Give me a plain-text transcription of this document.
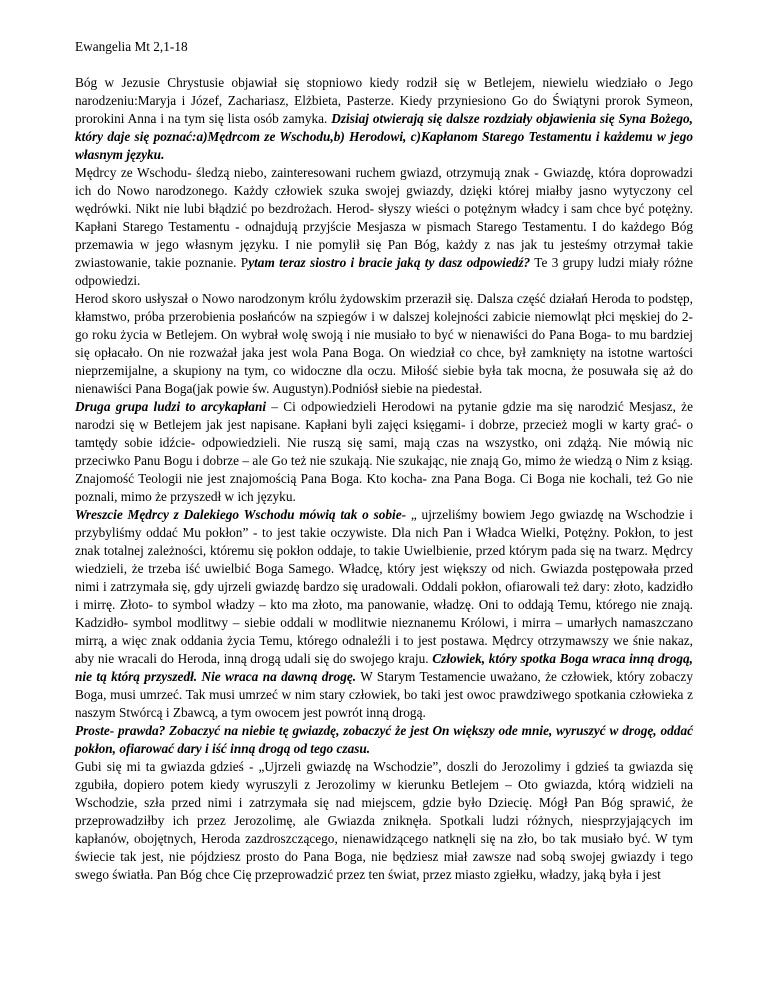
Ewangelia Mt 2,1-18

Bóg w Jezusie Chrystusie objawiał się stopniowo kiedy rodził się w Betlejem, niewielu wiedziało o Jego narodzeniu:Maryja i Józef, Zachariasz, Elżbieta, Pasterze. Kiedy przyniesiono Go do Świątyni prorok Symeon, prorokini Anna i na tym się lista osób zamyka. Dzisiaj otwierają się dalsze rozdziały objawienia się Syna Bożego, który daje się poznać:a)Mędrcom ze Wschodu,b) Herodowi, c)Kapłanom Starego Testamentu i każdemu w jego własnym języku.

Mędrcy ze Wschodu- śledzą niebo, zainteresowani ruchem gwiazd, otrzymują znak - Gwiazdę, która doprowadzi ich do Nowo narodzonego. Każdy człowiek szuka swojej gwiazdy, dzięki której miałby jasno wytyczony cel wędrówki. Nikt nie lubi błądzić po bezdrożach. Herod- słyszy wieści o potężnym władcy i sam chce być potężny. Kapłani Starego Testamentu - odnajdują przyjście Mesjasza w pismach Starego Testamentu. I do każdego Bóg przemawia w jego własnym języku. I nie pomylił się Pan Bóg, każdy z nas jak tu jesteśmy otrzymał takie zwiastowanie, takie poznanie. Pytam teraz siostro i bracie jaką ty dasz odpowiedź? Te 3 grupy ludzi miały różne odpowiedzi.

Herod skoro usłyszał o Nowo narodzonym królu żydowskim przeraził się. Dalsza część działań Heroda to podstęp, kłamstwo, próba przerobienia posłańców na szpiegów i w dalszej kolejności zabicie niemowląt płci męskiej do 2-go roku życia w Betlejem. On wybrał wolę swoją i nie musiało to być w nienawiści do Pana Boga- to mu bardziej się opłacało. On nie rozważał jaka jest wola Pana Boga. On wiedział co chce, był zamknięty na istotne wartości nieprzemijalne, a skupiony na tym, co widoczne dla oczu. Miłość siebie była tak mocna, że posuwała się aż do nienawiści Pana Boga(jak powie św. Augustyn).Podniósł siebie na piedestał.

Druga grupa ludzi to arcykapłani – Ci odpowiedzieli Herodowi na pytanie gdzie ma się narodzić Mesjasz, że narodzi się w Betlejem jak jest napisane. Kapłani byli zajęci księgami- i dobrze, przecież mogli w karty grać- o tamtędy sobie idźcie- odpowiedzieli. Nie ruszą się sami, mają czas na wszystko, oni zdążą. Nie mówią nic przeciwko Panu Bogu i dobrze – ale Go też nie szukają. Nie szukając, nie znają Go, mimo że wiedzą o Nim z ksiąg. Znajomość Teologii nie jest znajomością Pana Boga. Kto kocha- zna Pana Boga. Ci Boga nie kochali, też Go nie poznali, mimo że przyszedł w ich języku.

Wreszcie Mędrcy z Dalekiego Wschodu mówią tak o sobie- „ ujrzeliśmy bowiem Jego gwiazdę na Wschodzie i przybyliśmy oddać Mu pokłon” - to jest takie oczywiste. Dla nich Pan i Władca Wielki, Potężny. Pokłon, to jest znak totalnej zależności, któremu się pokłon oddaje, to takie Uwielbienie, przed którym pada się na twarz. Mędrcy wiedzieli, że trzeba iść uwielbić Boga Samego. Władcę, który jest większy od nich. Gwiazda postępowała przed nimi i zatrzymała się, gdy ujrzeli gwiazdę bardzo się uradowali. Oddali pokłon, ofiarowali też dary: złoto, kadzidło i mirrę. Złoto- to symbol władzy – kto ma złoto, ma panowanie, władzę. Oni to oddają Temu, którego nie znają. Kadzidło- symbol modlitwy – siebie oddali w modlitwie nieznanemu Królowi, i mirra – umarłych namaszczano mirrą, a więc znak oddania życia Temu, którego odnaleźli i to jest postawa. Mędrcy otrzymawszy we śnie nakaz, aby nie wracali do Heroda, inną drogą udali się do swojego kraju. Człowiek, który spotka Boga wraca inną drogą, nie tą którą przyszedł. Nie wraca na dawną drogę. W Starym Testamencie uważano, że człowiek, który zobaczy Boga, musi umrzeć. Tak musi umrzeć w nim stary człowiek, bo taki jest owoc prawdziwego spotkania człowieka z naszym Stwórcą i Zbawcą, a tym owocem jest powrót inną drogą.

Proste- prawda? Zobaczyć na niebie tę gwiazdę, zobaczyć że jest On większy ode mnie, wyruszyć w drogę, oddać pokłon, ofiarować dary i iść inną drogą od tego czasu.

Gubi się mi ta gwiazda gdzieś - „Ujrzeli gwiazdę na Wschodzie”, doszli do Jerozolimy i gdzieś ta gwiazda się zgubiła, dopiero potem kiedy wyruszyli z Jerozolimy w kierunku Betlejem – Oto gwiazda, którą widzieli na Wschodzie, szła przed nimi i zatrzymała się nad miejscem, gdzie było Dziecię. Mógł Pan Bóg sprawić, że przeprowadziłby ich przez Jerozolimę, ale Gwiazda zniknęła. Spotkali ludzi różnych, niesprzyjających im kapłanów, obojętnych, Heroda zazdroszczącego, nienawidzącego natknęli się na zło, bo tak musiało być. W tym świecie tak jest, nie pójdziesz prosto do Pana Boga, nie będziesz miał zawsze nad sobą swojej gwiazdy i tego swego światła. Pan Bóg chce Cię przeprowadzić przez ten świat, przez miasto zgiełku, władzy, jaką była i jest
